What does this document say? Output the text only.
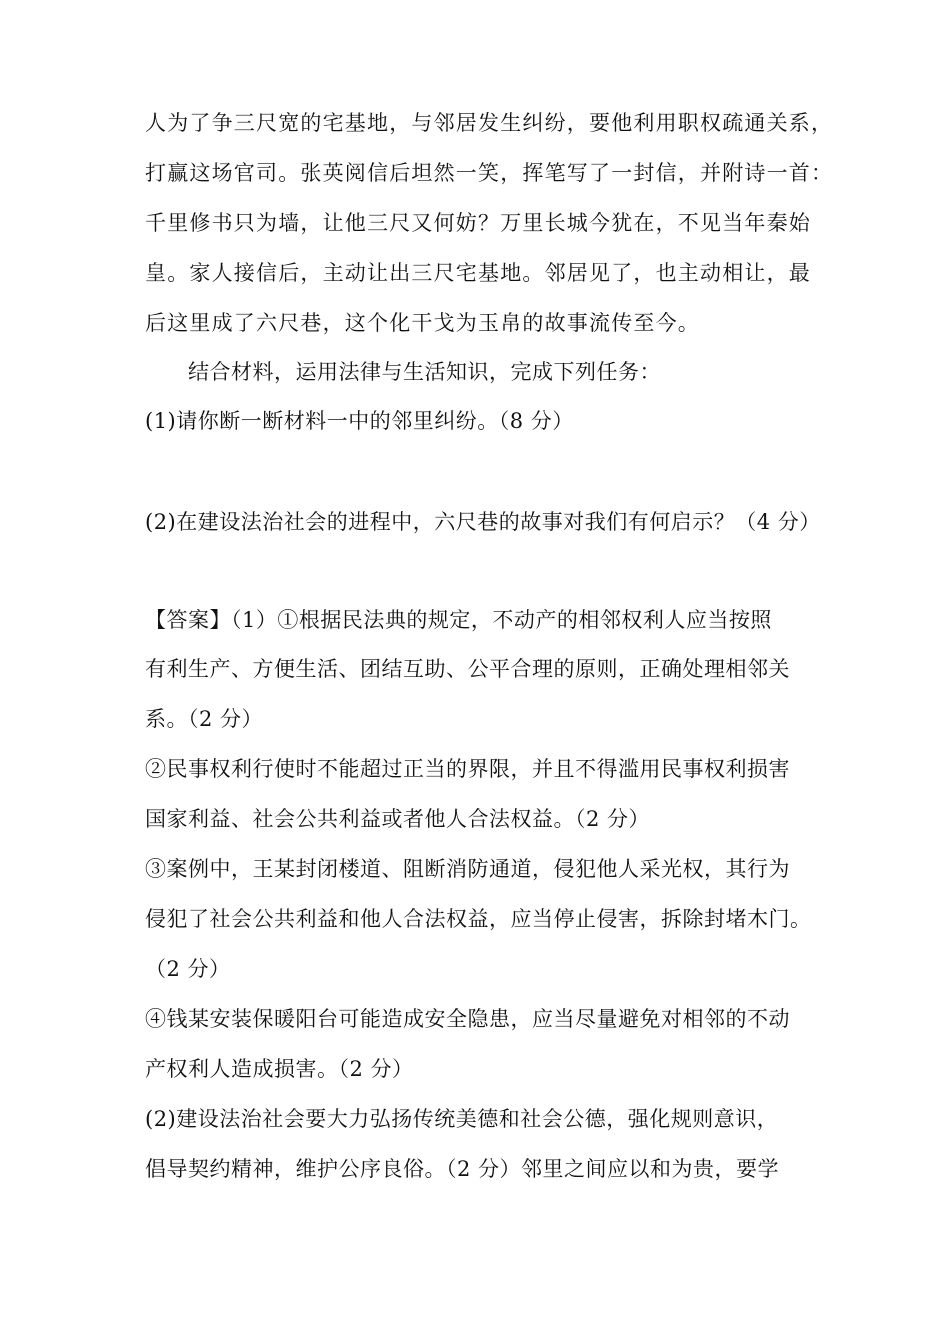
人为了争三尺宽的宅基地，与邻居发生纠纷，要他利用职权疏通关系，
打赢这场官司。张英阅信后坦然一笑，挥笔写了一封信，并附诗一首：
千里修书只为墙，让他三尺又何妨？万里长城今犹在，不见当年秦始
皇。家人接信后，主动让出三尺宅基地。邻居见了，也主动相让，最
后这里成了六尺巷，这个化干戈为玉帛的故事流传至今。
结合材料，运用法律与生活知识，完成下列任务：
(1)请你断一断材料一中的邻里纠纷。（8 分）
(2)在建设法治社会的进程中，六尺巷的故事对我们有何启示？（4 分）
【答案】（1）①根据民法典的规定，不动产的相邻权利人应当按照
有利生产、方便生活、团结互助、公平合理的原则，正确处理相邻关
系。（2 分）
②民事权利行使时不能超过正当的界限，并且不得滥用民事权利损害
国家利益、社会公共利益或者他人合法权益。（2 分）
③案例中，王某封闭楼道、阻断消防通道，侵犯他人采光权，其行为
侵犯了社会公共利益和他人合法权益，应当停止侵害，拆除封堵木门。
（2 分）
④钱某安装保暖阳台可能造成安全隐患，应当尽量避免对相邻的不动
产权利人造成损害。（2 分）
(2)建设法治社会要大力弘扬传统美德和社会公德，强化规则意识，
倡导契约精神，维护公序良俗。（2 分）邻里之间应以和为贵，要学
